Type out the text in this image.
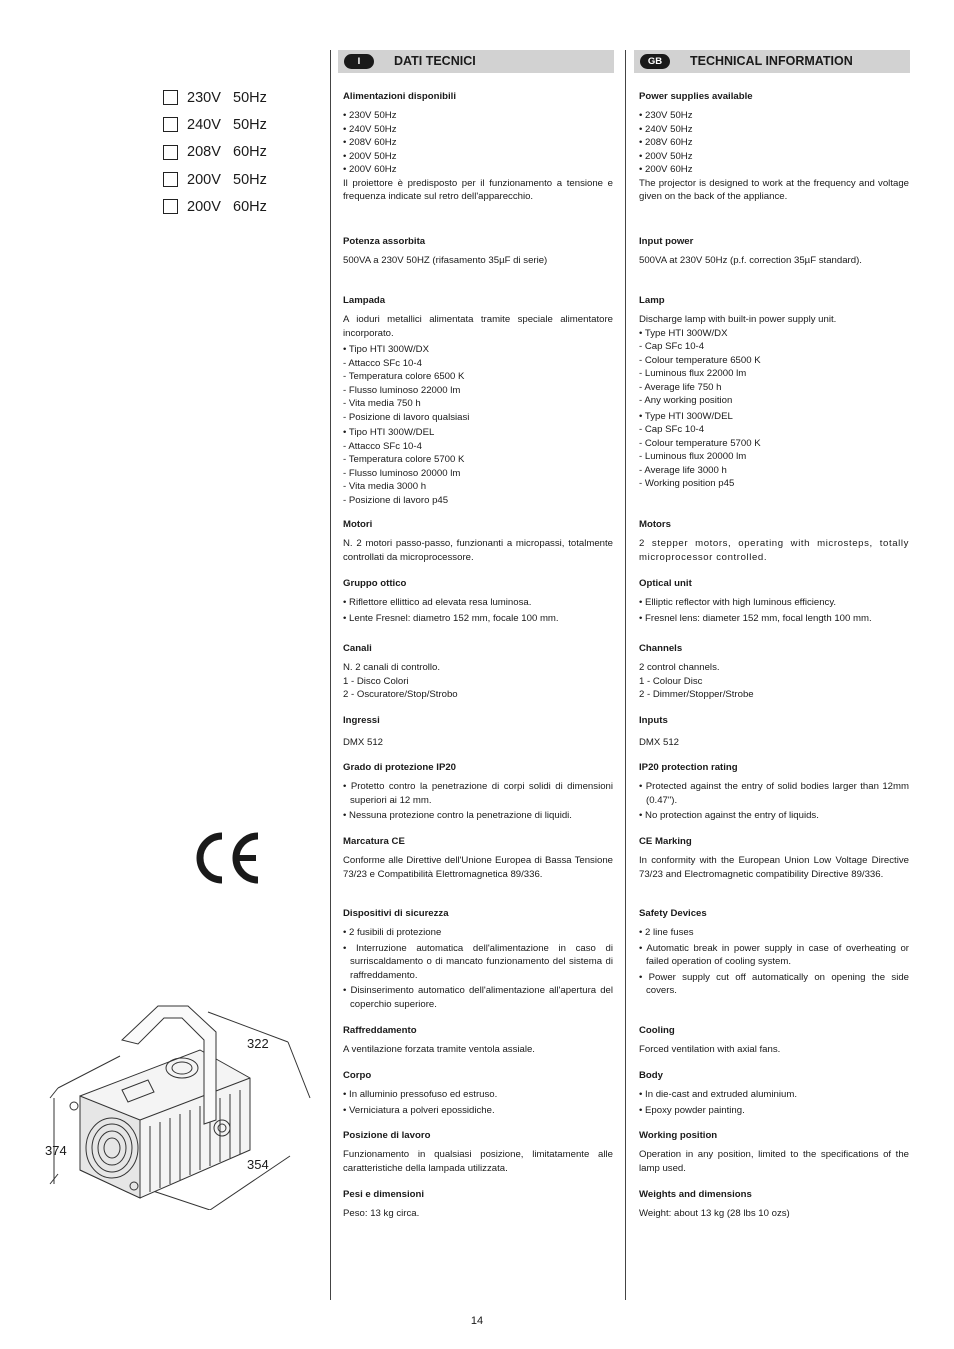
230V 50Hz
240V 50Hz
208V 60Hz
200V 50Hz
200V 60Hz
322
374
354
I	DATI TECNICI
Alimentazioni disponibili
• 230V 50Hz
• 240V 50Hz
• 208V 60Hz
• 200V 50Hz
• 200V 60Hz

Il proiettore è predisposto per il funzionamento a tensione e frequenza indicate sul retro dell'apparecchio.

Potenza assorbita

500VA a 230V 50HZ (rifasamento 35µF di serie)

Lampada

A ioduri metallici alimentata tramite speciale alimentatore incorporato.

• Tipo HTI 300W/DX
- Attacco SFc 10-4
- Temperatura colore 6500 K
- Flusso luminoso 22000 lm
- Vita media 750 h
- Posizione di lavoro qualsiasi
• Tipo HTI 300W/DEL
- Attacco SFc 10-4
- Temperatura colore 5700 K
- Flusso luminoso 20000 lm
- Vita media 3000 h
- Posizione di lavoro p45
Motori

N. 2 motori passo-passo, funzionanti a micropassi, totalmente controllati da microprocessore.

Gruppo ottico
• Riflettore ellittico ad elevata resa luminosa.
• Lente Fresnel: diametro 152 mm, focale 100 mm.
Canali
N. 2 canali di controllo.
1 - Disco Colori
2 - Oscuratore/Stop/Strobo
Ingressi

DMX 512

Grado di protezione IP20
• Protetto contro la penetrazione di corpi solidi di dimensioni superiori ai 12 mm.
• Nessuna protezione contro la penetrazione di liquidi.
Marcatura CE

Conforme alle Direttive dell'Unione Europea di Bassa Tensione 73/23 e Compatibilità Elettromagnetica 89/336.

Dispositivi di sicurezza
• 2 fusibili di protezione
• Interruzione automatica dell'alimentazione in caso di surriscaldamento o di mancato funzionamento del sistema di raffreddamento.
• Disinserimento automatico dell'alimentazione all'apertura del coperchio superiore.
Raffreddamento

A ventilazione forzata tramite ventola assiale.

Corpo
• In alluminio pressofuso ed estruso.
• Verniciatura a polveri epossidiche.
Posizione di lavoro

Funzionamento in qualsiasi posizione, limitatamente alle caratteristiche della lampada utilizzata.

Pesi e dimensioni

Peso: 13 kg circa.

GB	TECHNICAL INFORMATION
Power supplies available
• 230V 50Hz
• 240V 50Hz
• 208V 60Hz
• 200V 50Hz
• 200V 60Hz

The projector is designed to work at the frequency and voltage given on the back of the appliance.

Input power

500VA at 230V 50Hz (p.f. correction 35µF standard).

Lamp

Discharge lamp with built-in power supply unit.

• Type HTI 300W/DX
- Cap SFc 10-4
- Colour temperature 6500 K
- Luminous flux 22000 lm
- Average life 750 h
- Any working position
• Type HTI 300W/DEL
- Cap SFc 10-4
- Colour temperature 5700 K
- Luminous flux 20000 lm
- Average life 3000 h
- Working position p45
Motors

2 stepper motors, operating with microsteps, totally microprocessor controlled.

Optical unit
• Elliptic reflector with high luminous efficiency.
• Fresnel lens: diameter 152 mm, focal length 100 mm.
Channels
2 control channels.
1 - Colour Disc
2 - Dimmer/Stopper/Strobe
Inputs

DMX 512

IP20 protection rating
• Protected against the entry of solid bodies larger than 12mm (0.47").
• No protection against the entry of liquids.
CE Marking

In conformity with the European Union Low Voltage Directive 73/23 and Electromagnetic compatibility Directive 89/336.

Safety Devices
• 2 line fuses
• Automatic break in power supply in case of overheating or failed operation of cooling system.
• Power supply cut off automatically on opening the side covers.
Cooling

Forced ventilation with axial fans.

Body
• In die-cast and extruded aluminium.
• Epoxy powder painting.
Working position

Operation in any position, limited to the specifications of the lamp used.

Weights and dimensions

Weight: about 13 kg (28 lbs 10 ozs)

14
